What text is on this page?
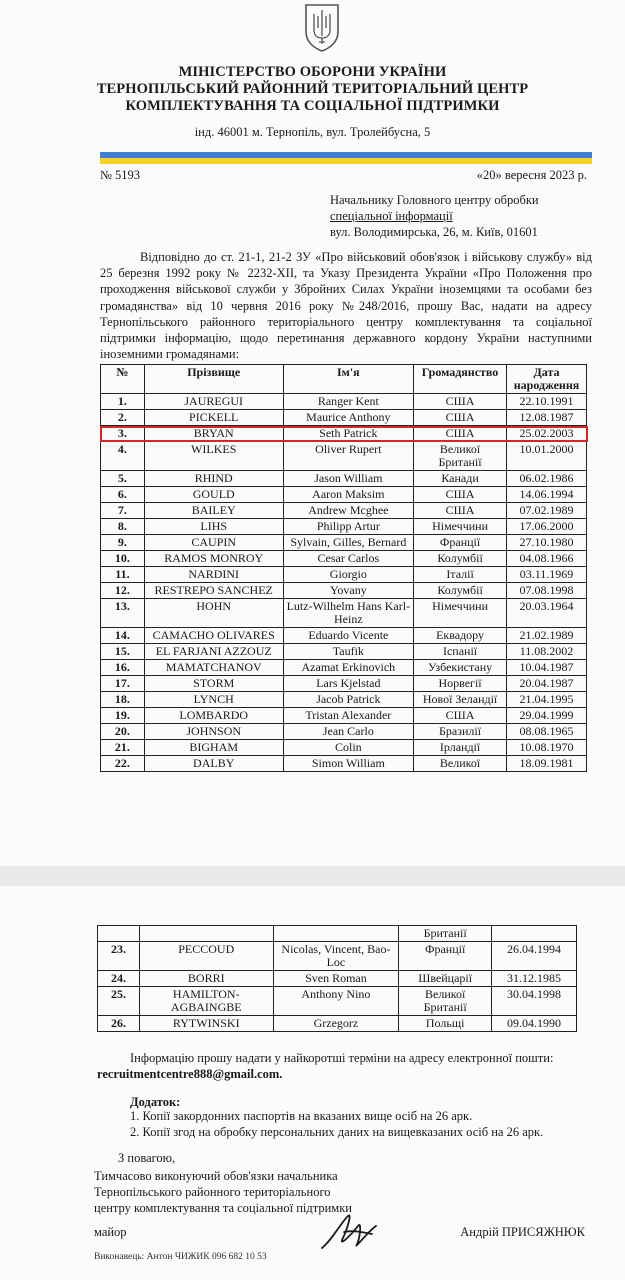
МІНІСТЕРСТВО ОБОРОНИ УКРАЇНИ
ТЕРНОПІЛЬСЬКИЙ РАЙОННИЙ ТЕРИТОРІАЛЬНИЙ ЦЕНТР
КОМПЛЕКТУВАННЯ ТА СОЦІАЛЬНОЇ ПІДТРИМКИ
інд. 46001 м. Тернопіль, вул. Тролейбусна, 5
№ 5193	«20» вересня 2023 р.
Начальнику Головного центру обробки
спеціальної інформації
вул. Володимирська, 26, м. Київ, 01601
Відповідно до ст. 21-1, 21-2 ЗУ «Про військовий обов'язок і військову службу» від 25 березня 1992 року № 2232-ХІІ, та Указу Президента України «Про Положення про проходження військової служби у Збройних Силах України іноземцями та особами без громадянства» від 10 червня 2016 року №248/2016, прошу Вас, надати на адресу Тернопільського районного територіального центру комплектування та соціальної підтримки інформацію, щодо перетинання державного кордону України наступними іноземними громадянами:
№	Прізвище	Ім'я	Громадянство	Дата народження
1.	JAUREGUI	Ranger Kent	США	22.10.1991
2.	PICKELL	Maurice Anthony	США	12.08.1987
3.	BRYAN	Seth Patrick	США	25.02.2003
4.	WILKES	Oliver Rupert	Великої Британії	10.01.2000
5.	RHIND	Jason William	Канади	06.02.1986
6.	GOULD	Aaron Maksim	США	14.06.1994
7.	BAILEY	Andrew Mcghee	США	07.02.1989
8.	LIHS	Philipp Artur	Німеччини	17.06.2000
9.	CAUPIN	Sylvain, Gilles, Bernard	Франції	27.10.1980
10.	RAMOS MONROY	Cesar Carlos	Колумбії	04.08.1966
11.	NARDINI	Giorgio	Італії	03.11.1969
12.	RESTREPO SANCHEZ	Yovany	Колумбії	07.08.1998
13.	HOHN	Lutz-Wilhelm Hans Karl-Heinz	Німеччини	20.03.1964
14.	CAMACHO OLIVARES	Eduardo Vicente	Еквадору	21.02.1989
15.	EL FARJANI AZZOUZ	Taufik	Іспанії	11.08.2002
16.	MAMATCHANOV	Azamat Erkinovich	Узбекистану	10.04.1987
17.	STORM	Lars Kjelstad	Норвегії	20.04.1987
18.	LYNCH	Jacob Patrick	Нової Зеландії	21.04.1995
19.	LOMBARDO	Tristan Alexander	США	29.04.1999
20.	JOHNSON	Jean Carlo	Бразилії	08.08.1965
21.	BIGHAM	Colin	Ірландії	10.08.1970
22.	DALBY	Simon William	Великої	18.09.1981
			Британії	
23.	PECCOUD	Nicolas, Vincent, Bao-Loc	Франції	26.04.1994
24.	BORRI	Sven Roman	Швейцарії	31.12.1985
25.	HAMILTON-AGBAINGBE	Anthony Nino	Великої Британії	30.04.1998
26.	RYTWINSKI	Grzegorz	Польщі	09.04.1990
Інформацію прошу надати у найкоротші терміни на адресу електронної пошти:
recruitmentcentre888@gmail.com.
Додаток:
1. Копії закордонних паспортів на вказаних вище осіб на 26 арк.
2. Копії згод на обробку персональних даних на вищевказаних осіб на 26 арк.
З повагою,
Тимчасово виконуючий обов'язки начальника
Тернопільського районного територіального
центру комплектування та соціальної підтримки
майор	Андрій ПРИСЯЖНЮК
Виконавець: Антон ЧИЖИК 096 682 10 53
